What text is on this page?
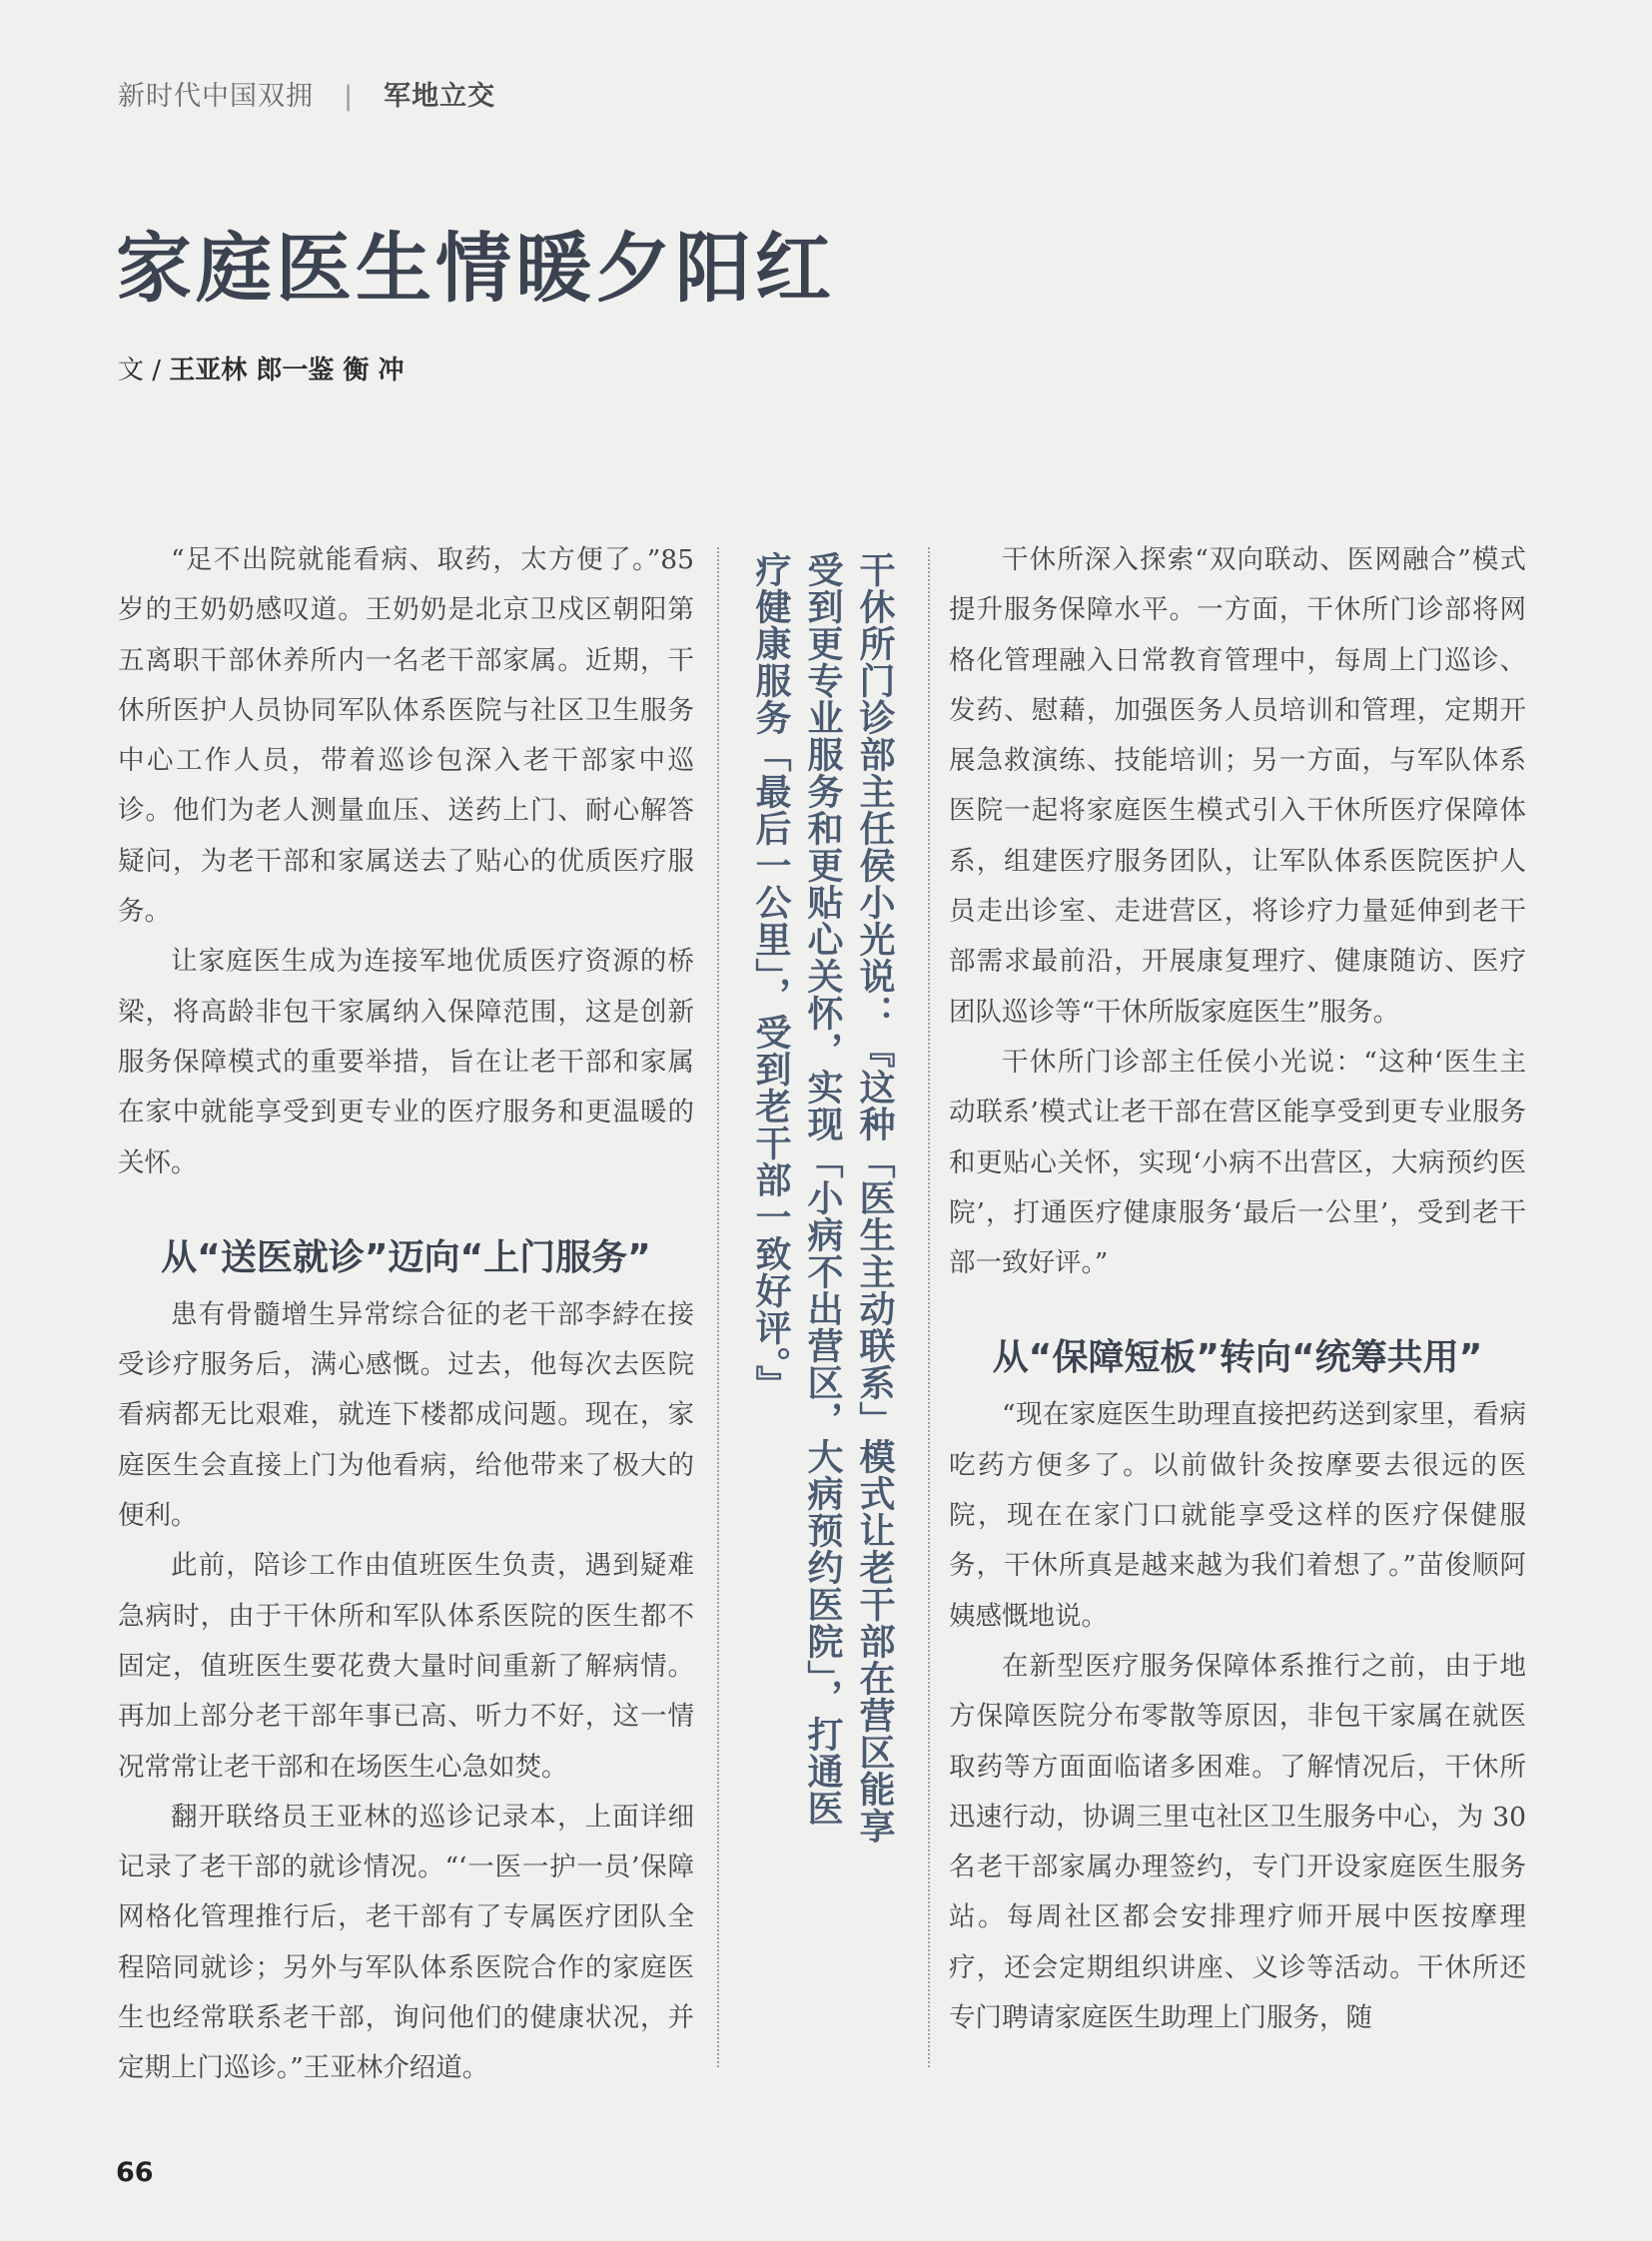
新时代中国双拥 | 军地立交
家庭医生情暖夕阳红
文 / 王亚林 郎一鉴 衡 冲

“足不出院就能看病、取药，太方便了。”85岁的王奶奶感叹道。王奶奶是北京卫戍区朝阳第五离职干部休养所内一名老干部家属。近期，干休所医护人员协同军队体系医院与社区卫生服务中心工作人员，带着巡诊包深入老干部家中巡诊。他们为老人测量血压、送药上门、耐心解答疑问，为老干部和家属送去了贴心的优质医疗服务。

让家庭医生成为连接军地优质医疗资源的桥梁，将高龄非包干家属纳入保障范围，这是创新服务保障模式的重要举措，旨在让老干部和家属在家中就能享受到更专业的医疗服务和更温暖的关怀。

从“送医就诊”迈向“上门服务”

患有骨髓增生异常综合征的老干部李綍在接受诊疗服务后，满心感慨。过去，他每次去医院看病都无比艰难，就连下楼都成问题。现在，家庭医生会直接上门为他看病，给他带来了极大的便利。

此前，陪诊工作由值班医生负责，遇到疑难急病时，由于干休所和军队体系医院的医生都不固定，值班医生要花费大量时间重新了解病情。再加上部分老干部年事已高、听力不好，这一情况常常让老干部和在场医生心急如焚。

翻开联络员王亚林的巡诊记录本，上面详细记录了老干部的就诊情况。“‘一医一护一员’保障网格化管理推行后，老干部有了专属医疗团队全程陪同就诊；另外与军队体系医院合作的家庭医生也经常联系老干部，询问他们的健康状况，并定期上门巡诊。”王亚林介绍道。

干休所门诊部主任侯小光说：『这种「医生主动联系」模式让老干部在营区能享受到更专业服务和更贴心关怀，实现「小病不出营区，大病预约医院」，打通医疗健康服务「最后一公里」，受到老干部一致好评。』	干休所深入探索“双向联动、医网融合”模式提升服务保障水平。一方面，干休所门诊部将网格化管理融入日常教育管理中，每周上门巡诊、发药、慰藉，加强医务人员培训和管理，定期开展急救演练、技能培训；另一方面，与军队体系医院一起将家庭医生模式引入干休所医疗保障体系，组建医疗服务团队，让军队体系医院医护人员走出诊室、走进营区，将诊疗力量延伸到老干部需求最前沿，开展康复理疗、健康随访、医疗团队巡诊等“干休所版家庭医生”服务。

干休所门诊部主任侯小光说：“这种‘医生主动联系’模式让老干部在营区能享受到更专业服务和更贴心关怀，实现‘小病不出营区，大病预约医院’，打通医疗健康服务‘最后一公里’，受到老干部一致好评。”

从“保障短板”转向“统筹共用”

“现在家庭医生助理直接把药送到家里，看病吃药方便多了。以前做针灸按摩要去很远的医院，现在在家门口就能享受这样的医疗保健服务，干休所真是越来越为我们着想了。”苗俊顺阿姨感慨地说。

在新型医疗服务保障体系推行之前，由于地方保障医院分布零散等原因，非包干家属在就医取药等方面面临诸多困难。了解情况后，干休所迅速行动，协调三里屯社区卫生服务中心，为 30 名老干部家属办理签约，专门开设家庭医生服务站。每周社区都会安排理疗师开展中医按摩理疗，还会定期组织讲座、义诊等活动。干休所还专门聘请家庭医生助理上门服务，随

66
